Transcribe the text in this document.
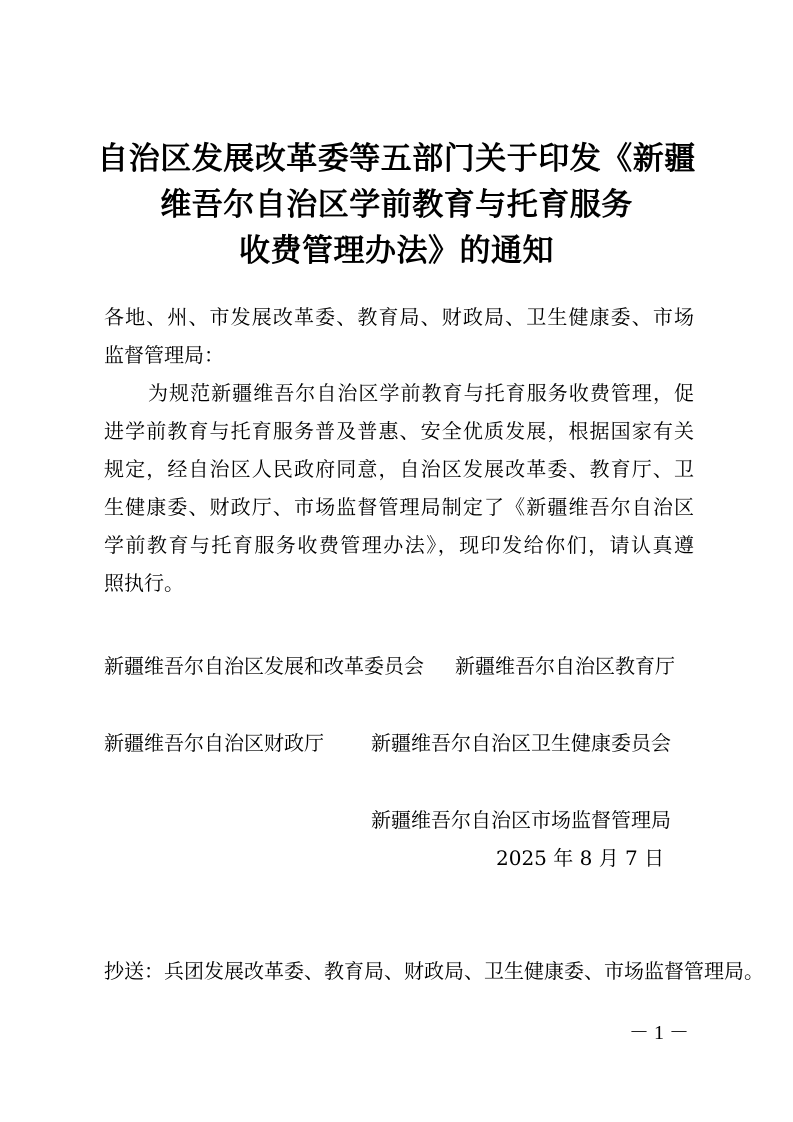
自治区发展改革委等五部门关于印发《新疆
维吾尔自治区学前教育与托育服务
收费管理办法》的通知

各地、州、市发展改革委、教育局、财政局、卫生健康委、市场

监督管理局：

为规范新疆维吾尔自治区学前教育与托育服务收费管理，促

进学前教育与托育服务普及普惠、安全优质发展，根据国家有关

规定，经自治区人民政府同意，自治区发展改革委、教育厅、卫

生健康委、财政厅、市场监督管理局制定了《新疆维吾尔自治区

学前教育与托育服务收费管理办法》，现印发给你们，请认真遵

照执行。

新疆维吾尔自治区发展和改革委员会 新疆维吾尔自治区教育厅

新疆维吾尔自治区财政厅 新疆维吾尔自治区卫生健康委员会

新疆维吾尔自治区市场监督管理局

2025 年 8 月 7 日

抄送：兵团发展改革委、教育局、财政局、卫生健康委、市场监督管理局。

－ 1 －
